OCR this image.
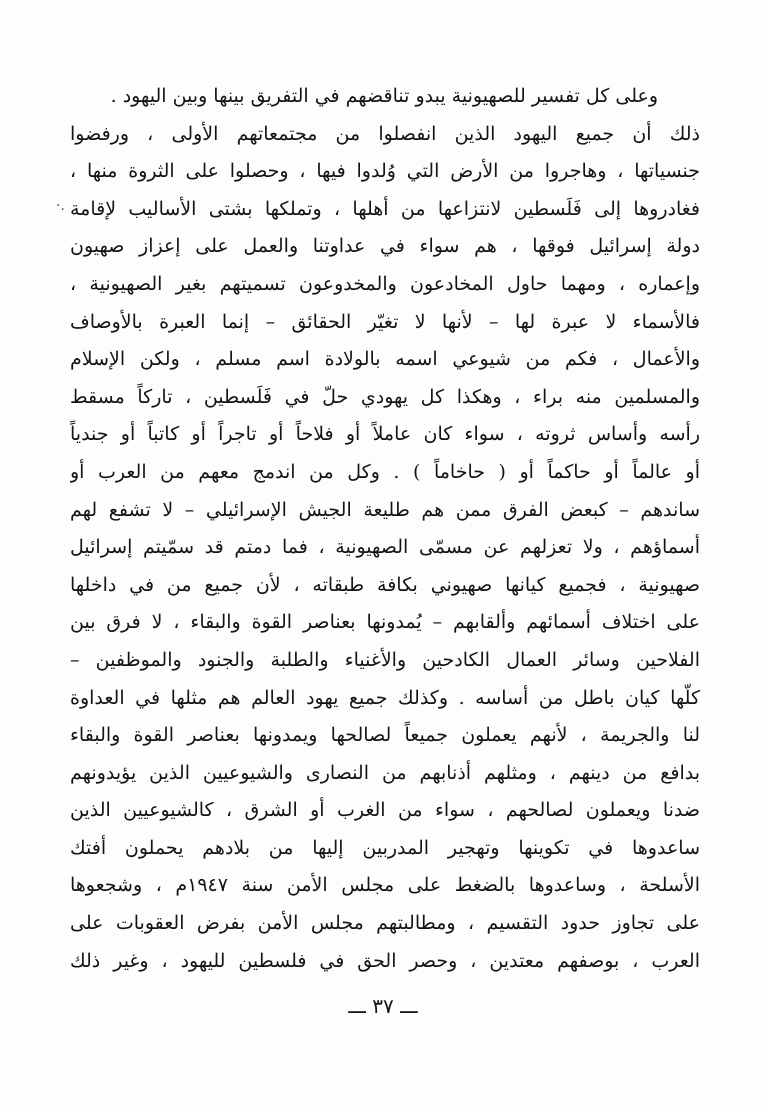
·.
وعلى كل تفسير للصهيونية يبدو تناقضهم في التفريق بينها وبين اليهود .
ذلك أن جميع اليهود الذين انفصلوا من مجتمعاتهم الأولى ، ورفضوا
جنسياتها ، وهاجروا من الأرض التي وُلدوا فيها ، وحصلوا على الثروة منها ،
فغادروها إلى فَلَسطين لانتزاعها من أهلها ، وتملكها بشتى الأساليب لإقامة
دولة إسرائيل فوقها ، هم سواء في عداوتنا والعمل على إعزاز صهيون
وإعماره ، ومهما حاول المخادعون والمخدوعون تسميتهم بغير الصهيونية ،
فالأسماء لا عبرة لها – لأنها لا تغيّر الحقائق – إنما العبرة بالأوصاف
والأعمال ، فكم من شيوعي اسمه بالولادة اسم مسلم ، ولكن الإسلام
والمسلمين منه براء ، وهكذا كل يهودي حلّ في فَلَسطين ، تاركاً مسقط
رأسه وأساس ثروته ، سواء كان عاملاً أو فلاحاً أو تاجراً أو كاتباً أو جندياً
أو عالماً أو حاكماً أو ( حاخاماً ) . وكل من اندمج معهم من العرب أو
ساندهم – كبعض الفرق ممن هم طليعة الجيش الإسرائيلي – لا تشفع لهم
أسماؤهم ، ولا تعزلهم عن مسمّى الصهيونية ، فما دمتم قد سمّيتم إسرائيل
صهيونية ، فجميع كيانها صهيوني بكافة طبقاته ، لأن جميع من في داخلها
على اختلاف أسمائهم وألقابهم – يُمدونها بعناصر القوة والبقاء ، لا فرق بين
الفلاحين وسائر العمال الكادحين والأغنياء والطلبة والجنود والموظفين –
كلّها كيان باطل من أساسه . وكذلك جميع يهود العالم هم مثلها في العداوة
لنا والجريمة ، لأنهم يعملون جميعاً لصالحها ويمدونها بعناصر القوة والبقاء
بدافع من دينهم ، ومثلهم أذنابهم من النصارى والشيوعيين الذين يؤيدونهم
ضدنا ويعملون لصالحهم ، سواء من الغرب أو الشرق ، كالشيوعيين الذين
ساعدوها في تكوينها وتهجير المدربين إليها من بلادهم يحملون أفتك
الأسلحة ، وساعدوها بالضغط على مجلس الأمن سنة ١٩٤٧م ، وشجعوها
على تجاوز حدود التقسيم ، ومطالبتهم مجلس الأمن بفرض العقوبات على
العرب ، بوصفهم معتدين ، وحصر الحق في فلسطين لليهود ، وغير ذلك
ـــ ٣٧ ـــ
